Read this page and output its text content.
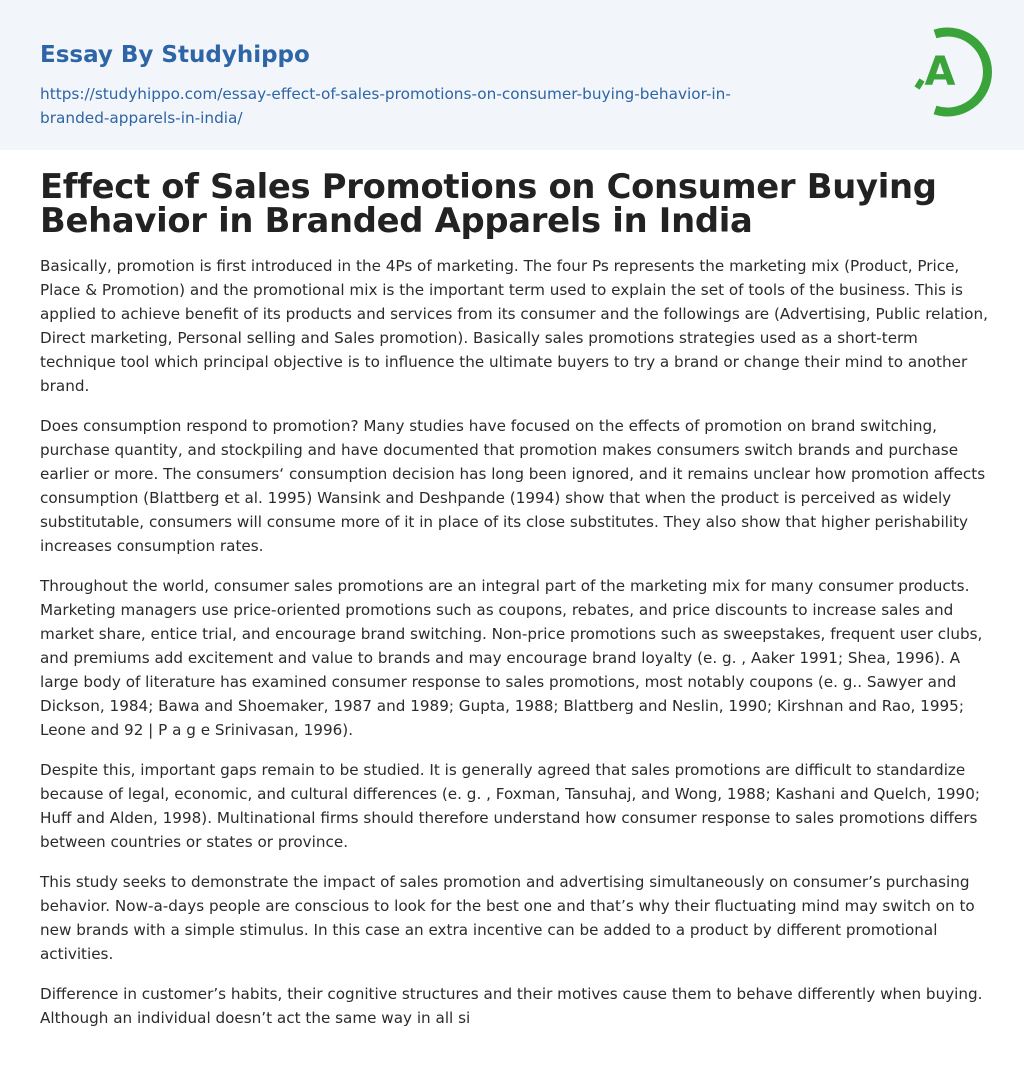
Essay By Studyhippo
https://studyhippo.com/essay-effect-of-sales-promotions-on-consumer-buying-behavior-in-
branded-apparels-in-india/
A
Effect of Sales Promotions on Consumer Buying Behavior in Branded Apparels in India

Basically, promotion is first introduced in the 4Ps of marketing. The four Ps represents the marketing mix (Product, Price, Place & Promotion) and the promotional mix is the important term used to explain the set of tools of the business. This is applied to achieve benefit of its products and services from its consumer and the followings are (Advertising, Public relation, Direct marketing, Personal selling and Sales promotion). Basically sales promotions strategies used as a short-term technique tool which principal objective is to influence the ultimate buyers to try a brand or change their mind to another brand.

Does consumption respond to promotion? Many studies have focused on the effects of promotion on brand switching, purchase quantity, and stockpiling and have documented that promotion makes consumers switch brands and purchase earlier or more. The consumers‘ consumption decision has long been ignored, and it remains unclear how promotion affects consumption (Blattberg et al. 1995) Wansink and Deshpande (1994) show that when the product is perceived as widely substitutable, consumers will consume more of it in place of its close substitutes. They also show that higher perishability increases consumption rates.

Throughout the world, consumer sales promotions are an integral part of the marketing mix for many consumer products. Marketing managers use price-oriented promotions such as coupons, rebates, and price discounts to increase sales and market share, entice trial, and encourage brand switching. Non-price promotions such as sweepstakes, frequent user clubs, and premiums add excitement and value to brands and may encourage brand loyalty (e. g. , Aaker 1991; Shea, 1996). A large body of literature has examined consumer response to sales promotions, most notably coupons (e. g.. Sawyer and Dickson, 1984; Bawa and Shoemaker, 1987 and 1989; Gupta, 1988; Blattberg and Neslin, 1990; Kirshnan and Rao, 1995; Leone and 92 | P a g e Srinivasan, 1996).

Despite this, important gaps remain to be studied. It is generally agreed that sales promotions are difficult to standardize because of legal, economic, and cultural differences (e. g. , Foxman, Tansuhaj, and Wong, 1988; Kashani and Quelch, 1990; Huff and Alden, 1998). Multinational firms should therefore understand how consumer response to sales promotions differs between countries or states or province.

This study seeks to demonstrate the impact of sales promotion and advertising simultaneously on consumer’s purchasing behavior. Now-a-days people are conscious to look for the best one and that’s why their fluctuating mind may switch on to new brands with a simple stimulus. In this case an extra incentive can be added to a product by different promotional activities.

Difference in customer’s habits, their cognitive structures and their motives cause them to behave differently when buying. Although an individual doesn’t act the same way in all si
